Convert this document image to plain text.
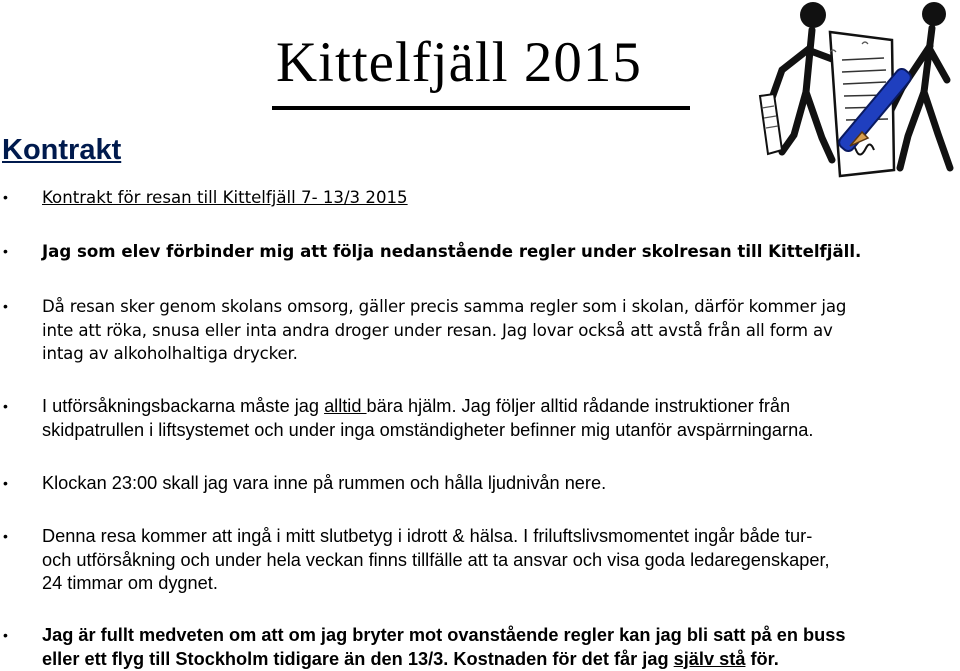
Kittelfjäll 2015
Kontrakt
• Kontrakt för resan till Kittelfjäll 7- 13/3 2015
• Jag som elev förbinder mig att följa nedanstående regler under skolresan till Kittelfjäll.
• Då resan sker genom skolans omsorg, gäller precis samma regler som i skolan, därför kommer jag
inte att röka, snusa eller inta andra droger under resan. Jag lovar också att avstå från all form av
intag av alkoholhaltiga drycker.
• I utförsåkningsbackarna måste jag alltid bära hjälm. Jag följer alltid rådande instruktioner från
skidpatrullen i liftsystemet och under inga omständigheter befinner mig utanför avspärrningarna.
• Klockan 23:00 skall jag vara inne på rummen och hålla ljudnivån nere.
• Denna resa kommer att ingå i mitt slutbetyg i idrott & hälsa. I friluftslivsmomentet ingår både tur-
och utförsåkning och under hela veckan finns tillfälle att ta ansvar och visa goda ledaregenskaper,
24 timmar om dygnet.
• Jag är fullt medveten om att om jag bryter mot ovanstående regler kan jag bli satt på en buss
eller ett flyg till Stockholm tidigare än den 13/3. Kostnaden för det får jag själv stå för.
